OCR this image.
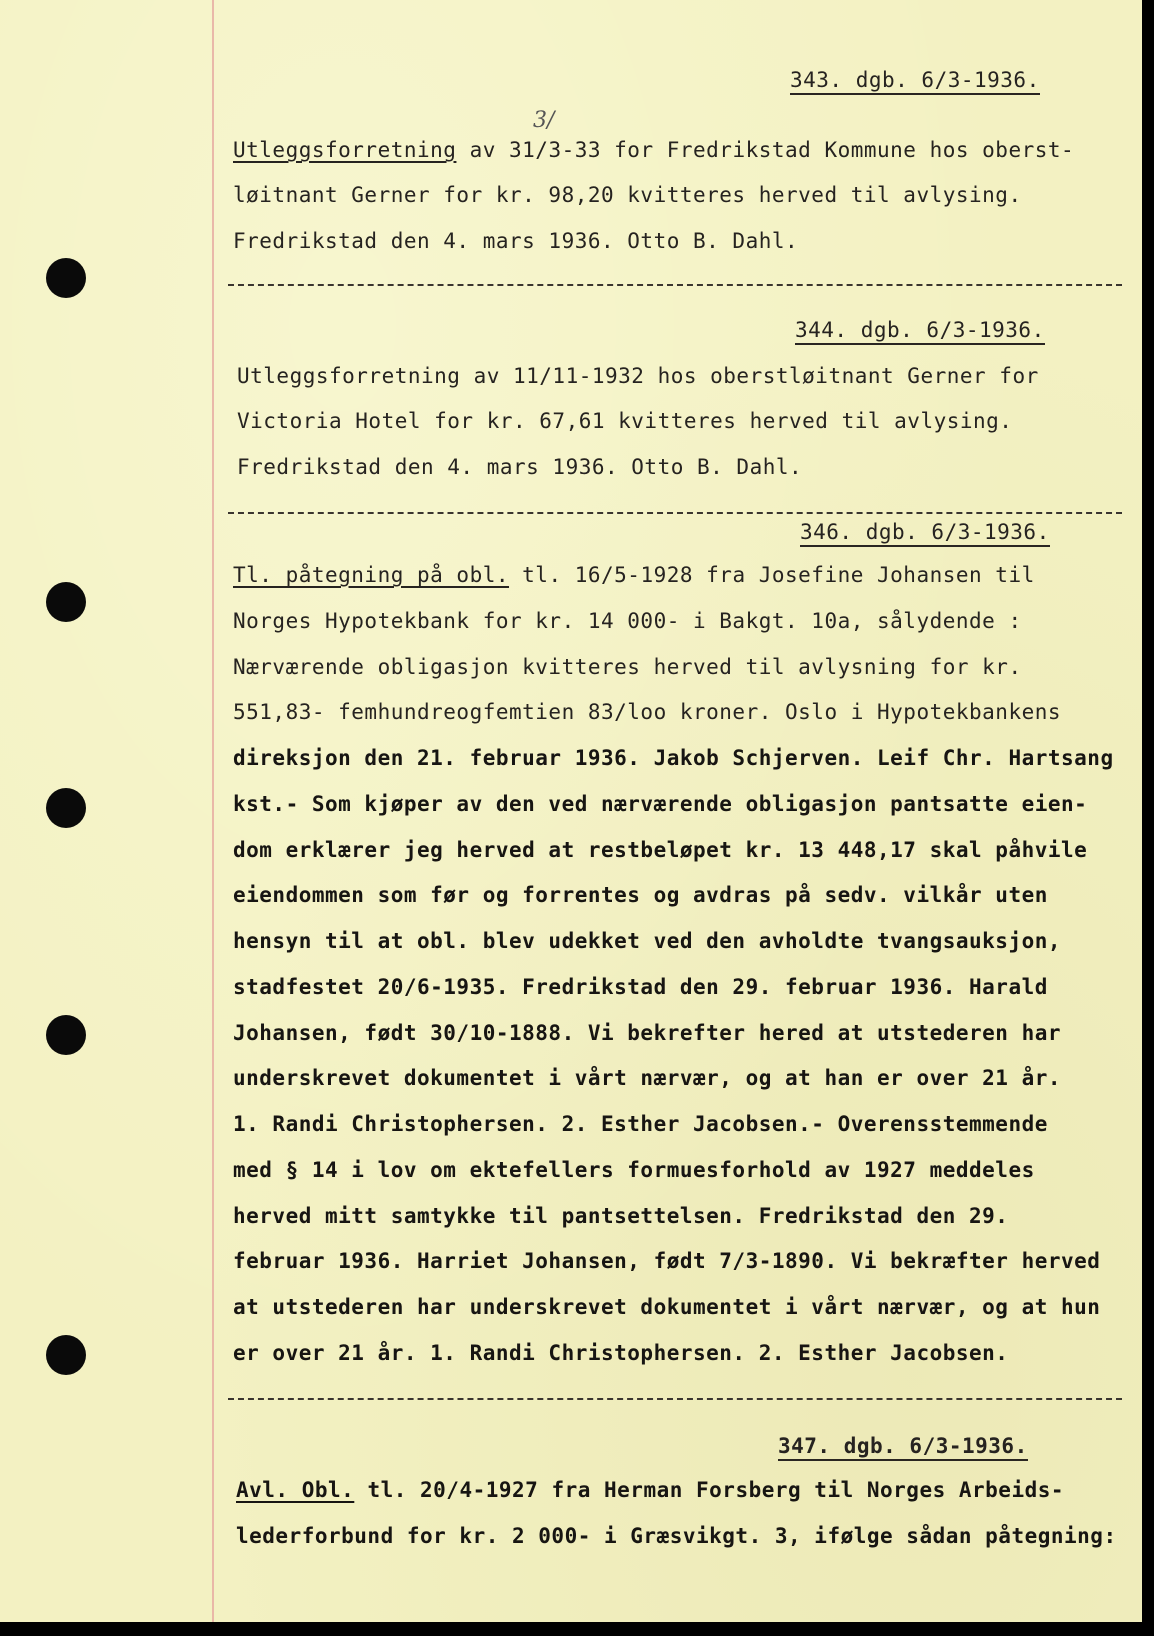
343. dgb. 6/3-1936.
3/
Utleggsforretning av 31/3-33 for Fredrikstad Kommune hos oberst-
løitnant Gerner for kr. 98,20 kvitteres herved til avlysing.
Fredrikstad den 4. mars 1936. Otto B. Dahl.
344. dgb. 6/3-1936.
Utleggsforretning av 11/11-1932 hos oberstløitnant Gerner for
Victoria Hotel for kr. 67,61 kvitteres herved til avlysing.
Fredrikstad den 4. mars 1936. Otto B. Dahl.
346. dgb. 6/3-1936.
Tl. påtegning på obl. tl. 16/5-1928 fra Josefine Johansen til
Norges Hypotekbank for kr. 14 000- i Bakgt. 10a, sålydende :
Nærværende obligasjon kvitteres herved til avlysning for kr.
551,83- femhundreogfemtien 83/loo kroner. Oslo i Hypotekbankens
direksjon den 21. februar 1936. Jakob Schjerven. Leif Chr. Hartsang
kst.- Som kjøper av den ved nærværende obligasjon pantsatte eien-
dom erklærer jeg herved at restbeløpet kr. 13 448,17 skal påhvile
eiendommen som før og forrentes og avdras på sedv. vilkår uten
hensyn til at obl. blev udekket ved den avholdte tvangsauksjon,
stadfestet 20/6-1935. Fredrikstad den 29. februar 1936. Harald
Johansen, født 30/10-1888. Vi bekrefter hered at utstederen har
underskrevet dokumentet i vårt nærvær, og at han er over 21 år.
1. Randi Christophersen. 2. Esther Jacobsen.- Overensstemmende
med § 14 i lov om ektefellers formuesforhold av 1927 meddeles
herved mitt samtykke til pantsettelsen. Fredrikstad den 29.
februar 1936. Harriet Johansen, født 7/3-1890. Vi bekræfter herved
at utstederen har underskrevet dokumentet i vårt nærvær, og at hun
er over 21 år. 1. Randi Christophersen. 2. Esther Jacobsen.
347. dgb. 6/3-1936.
Avl. Obl. tl. 20/4-1927 fra Herman Forsberg til Norges Arbeids-
lederforbund for kr. 2 000- i Græsvikgt. 3, ifølge sådan påtegning:
